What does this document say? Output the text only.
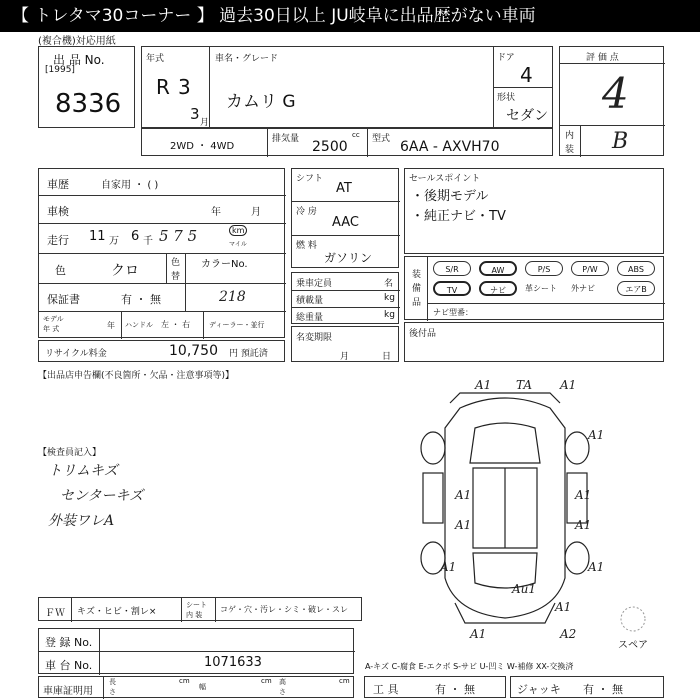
【 トレタマ30コーナー 】 過去30日以上 JU岐阜に出品歴がない車両
(複合機)対応用紙
出 品 No.
[1995]
8336
年式
R 3
3 月
車名・グレード
カムリ G
ドア
4
形状
セダン
2WD ・ 4WD
排気量	cc
2500	型式 6AA - AXVH70
評 価 点
4
内
装 B
車歴	自家用 ・ ( )
車検	年	月
走行 11 万 6 千 5 7 5	km
マイル
色	クロ	色
替
カラーNo.
218
保証書	有 ・ 無
モデル
年 式	年 ハンドル 左 ・ 右	ディーラー・並行
リサイクル料金	10,750 円 預託済
シフト
AT
冷 房
AAC
燃 料
ガソリン
乗車定員	名
積載量	kg
総重量	kg
名変期限
月	日
セールスポイント
・後期モデル
・純正ナビ・TV
装
備
品
S/R	AW	P/S	P/W	ABS
TV	ナビ	革シート 外ナビ	エアB
ナビ型番：
後付品
【出品店申告欄(不良箇所・欠品・注意事項等)】
【検査員記入】
トリムキズ
センターキズ
外装ワレA
A1 TA A1
A1
A1	A1
A1	A1
A1	A1
Au1
A1
A1	A2
スペア
ＦＷ キズ・ヒビ・割レ×
シート
内 装
コゲ・穴・汚レ・シミ・破レ・スレ
登 録 No.
車 台 No.	1071633	A-キズ C-腐食 E-エクボ S-サビ U-凹ミ W-補修 XX-交換済
車庫証明用
長
さ
cm
幅
cm 高
さ
cm
工 具	有 ・ 無	ジャッキ 有 ・ 無
